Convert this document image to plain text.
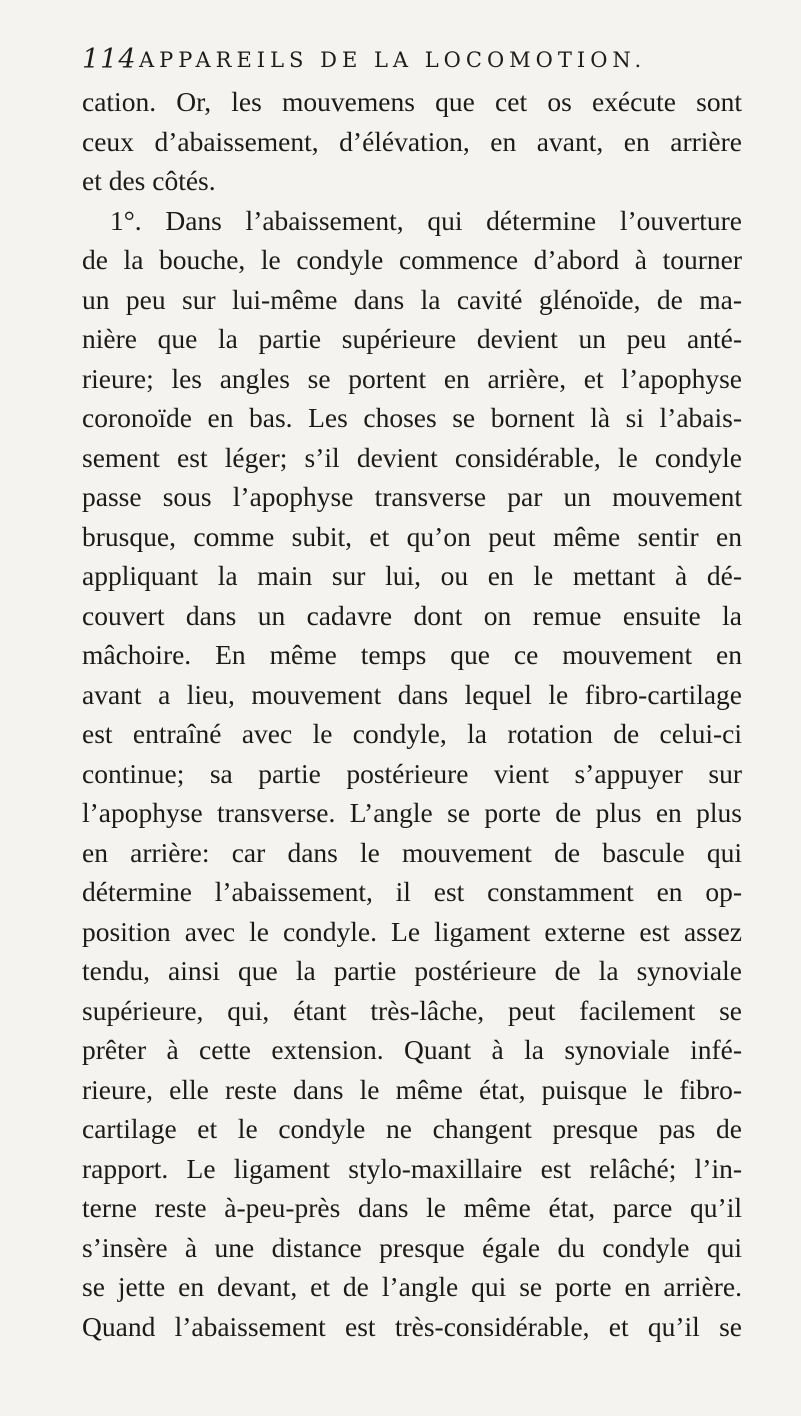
114 APPAREILS DE LA LOCOMOTION.
cation. Or, les mouvemens que cet os exécute sont
ceux d’abaissement, d’élévation, en avant, en arrière
et des côtés.
1°. Dans l’abaissement, qui détermine l’ouverture
de la bouche, le condyle commence d’abord à tourner
un peu sur lui-même dans la cavité glénoïde, de ma-
nière que la partie supérieure devient un peu anté-
rieure; les angles se portent en arrière, et l’apophyse
coronoïde en bas. Les choses se bornent là si l’abais-
sement est léger; s’il devient considérable, le condyle
passe sous l’apophyse transverse par un mouvement
brusque, comme subit, et qu’on peut même sentir en
appliquant la main sur lui, ou en le mettant à dé-
couvert dans un cadavre dont on remue ensuite la
mâchoire. En même temps que ce mouvement en
avant a lieu, mouvement dans lequel le fibro-cartilage
est entraîné avec le condyle, la rotation de celui-ci
continue; sa partie postérieure vient s’appuyer sur
l’apophyse transverse. L’angle se porte de plus en plus
en arrière: car dans le mouvement de bascule qui
détermine l’abaissement, il est constamment en op-
position avec le condyle. Le ligament externe est assez
tendu, ainsi que la partie postérieure de la synoviale
supérieure, qui, étant très-lâche, peut facilement se
prêter à cette extension. Quant à la synoviale infé-
rieure, elle reste dans le même état, puisque le fibro-
cartilage et le condyle ne changent presque pas de
rapport. Le ligament stylo-maxillaire est relâché; l’in-
terne reste à-peu-près dans le même état, parce qu’il
s’insère à une distance presque égale du condyle qui
se jette en devant, et de l’angle qui se porte en arrière.
Quand l’abaissement est très-considérable, et qu’il se
